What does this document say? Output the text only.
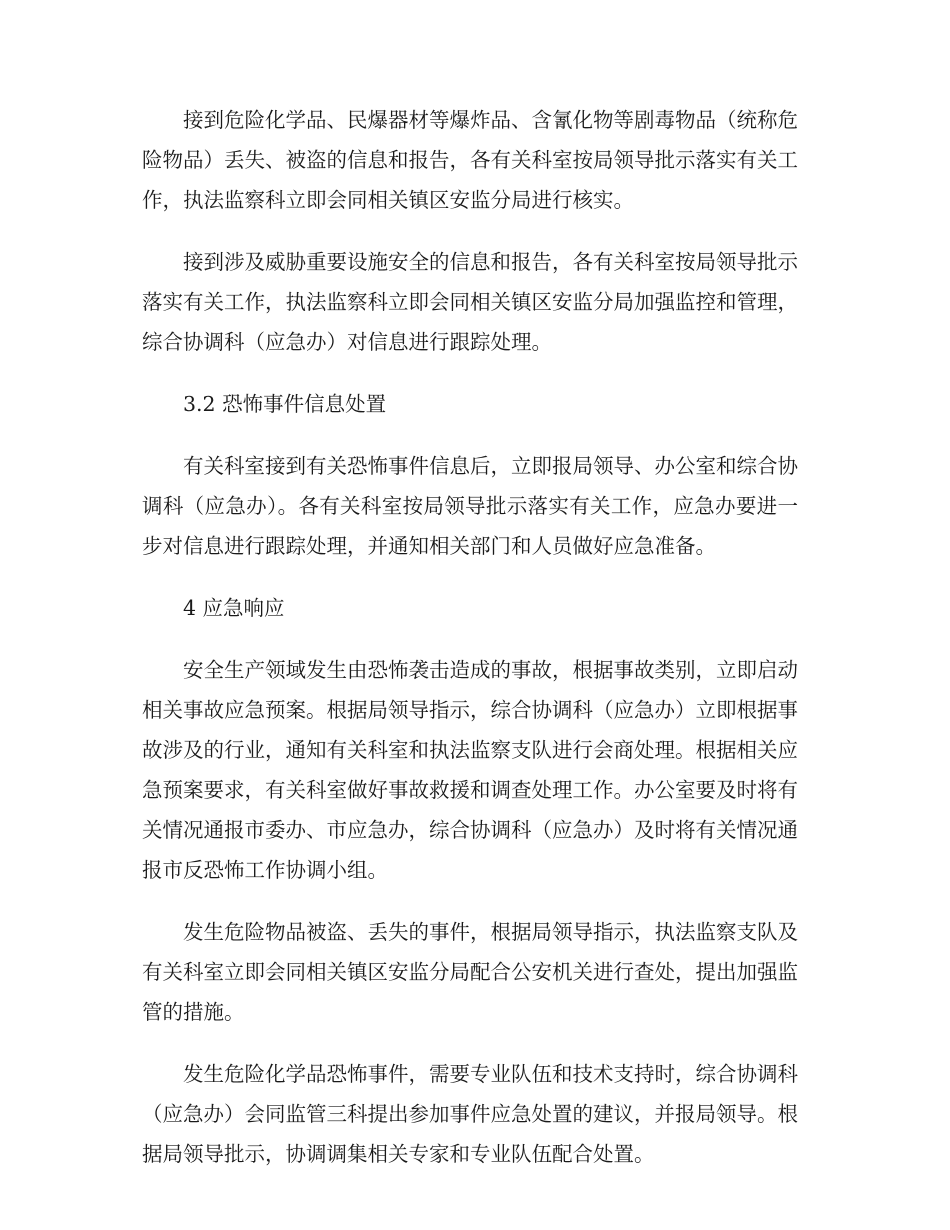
接到危险化学品、民爆器材等爆炸品、含氰化物等剧毒物品（统称危险物品）丢失、被盗的信息和报告，各有关科室按局领导批示落实有关工作，执法监察科立即会同相关镇区安监分局进行核实。

接到涉及威胁重要设施安全的信息和报告，各有关科室按局领导批示落实有关工作，执法监察科立即会同相关镇区安监分局加强监控和管理，综合协调科（应急办）对信息进行跟踪处理。

3.2 恐怖事件信息处置

有关科室接到有关恐怖事件信息后，立即报局领导、办公室和综合协调科（应急办）。各有关科室按局领导批示落实有关工作，应急办要进一步对信息进行跟踪处理，并通知相关部门和人员做好应急准备。

4 应急响应

安全生产领域发生由恐怖袭击造成的事故，根据事故类别，立即启动相关事故应急预案。根据局领导指示，综合协调科（应急办）立即根据事故涉及的行业，通知有关科室和执法监察支队进行会商处理。根据相关应急预案要求，有关科室做好事故救援和调查处理工作。办公室要及时将有关情况通报市委办、市应急办，综合协调科（应急办）及时将有关情况通报市反恐怖工作协调小组。

发生危险物品被盗、丢失的事件，根据局领导指示，执法监察支队及有关科室立即会同相关镇区安监分局配合公安机关进行查处，提出加强监管的措施。

发生危险化学品恐怖事件，需要专业队伍和技术支持时，综合协调科（应急办）会同监管三科提出参加事件应急处置的建议，并报局领导。根据局领导批示，协调调集相关专家和专业队伍配合处置。
